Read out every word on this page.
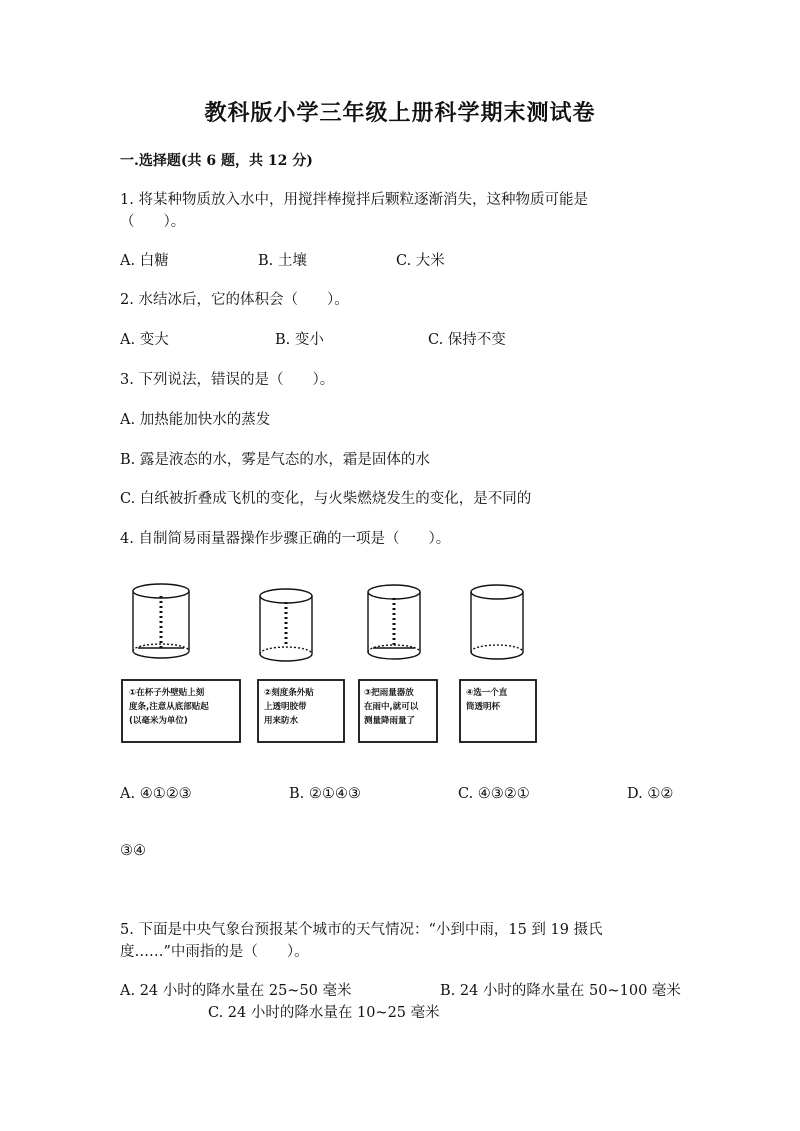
教科版小学三年级上册科学期末测试卷
一.选择题(共 6 题，共 12 分)
1. 将某种物质放入水中，用搅拌棒搅拌后颗粒逐渐消失，这种物质可能是
（　　）。
A. 白糖	B. 土壤	C. 大米
2. 水结冰后，它的体积会（　　）。
A. 变大	B. 变小	C. 保持不变
3. 下列说法，错误的是（　　）。
A. 加热能加快水的蒸发
B. 露是液态的水，雾是气态的水，霜是固体的水
C. 白纸被折叠成飞机的变化，与火柴燃烧发生的变化，是不同的
4. 自制简易雨量器操作步骤正确的一项是（　　）。
①在杯子外壁贴上刻
度条,注意从底部贴起
(以毫米为单位)
②刻度条外贴
上透明胶带
用来防水
③把雨量器放
在雨中,就可以
测量降雨量了
④选一个直
筒透明杯
A. ④①②③	B. ②①④③	C. ④③②①	D. ①②
③④
5. 下面是中央气象台预报某个城市的天气情况：“小到中雨，15 到 19 摄氏
度……”中雨指的是（　　）。
A. 24 小时的降水量在 25~50 毫米	B. 24 小时的降水量在 50~100 毫米
C. 24 小时的降水量在 10~25 毫米
